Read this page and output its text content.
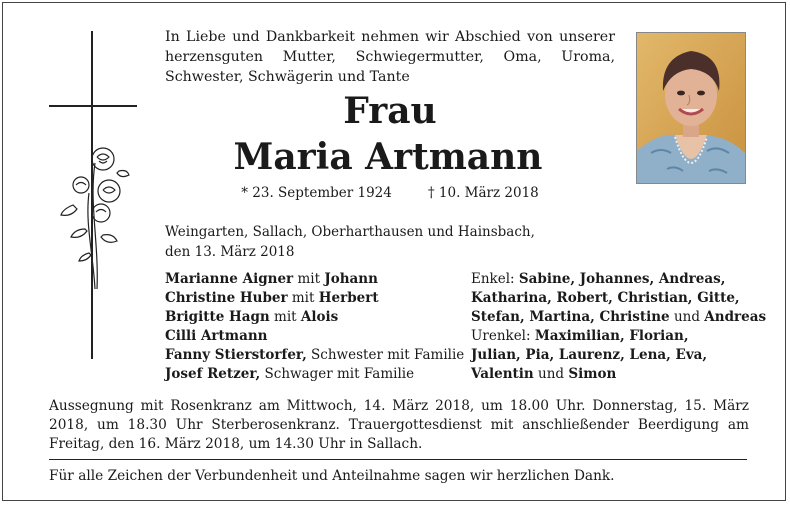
In Liebe und Dankbarkeit nehmen wir Abschied von unserer herzensguten Mutter, Schwiegermutter, Oma, Uroma, Schwester, Schwägerin und Tante
Frau
Maria Artmann
* 23. September 1924	† 10. März 2018
Weingarten, Sallach, Oberharthausen und Hainsbach,
den 13. März 2018
Marianne Aigner mit Johann
Christine Huber mit Herbert
Brigitte Hagn mit Alois
Cilli Artmann
Fanny Stierstorfer, Schwester mit Familie
Josef Retzer, Schwager mit Familie
Enkel: Sabine, Johannes, Andreas,
Katharina, Robert, Christian, Gitte,
Stefan, Martina, Christine und Andreas
Urenkel: Maximilian, Florian,
Julian, Pia, Laurenz, Lena, Eva,
Valentin und Simon
Aussegnung mit Rosenkranz am Mittwoch, 14. März 2018, um 18.00 Uhr. Donnerstag, 15. März 2018, um 18.30 Uhr Sterberosenkranz. Trauergottesdienst mit anschließender Beerdigung am Freitag, den 16. März 2018, um 14.30 Uhr in Sallach.
Für alle Zeichen der Verbundenheit und Anteilnahme sagen wir herzlichen Dank.
